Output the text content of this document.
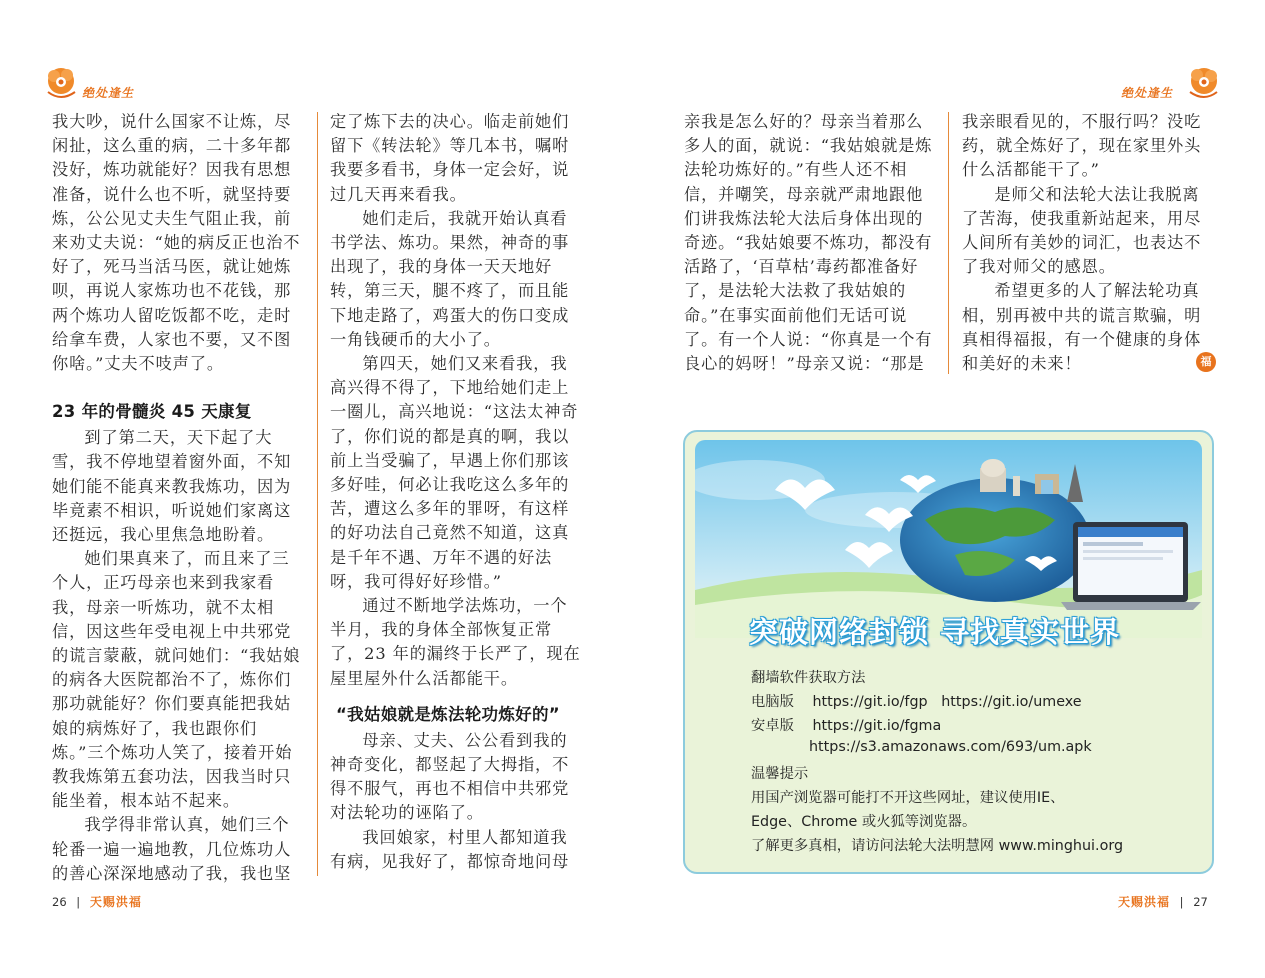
绝处逢生	绝处逢生

我大吵，说什么国家不让炼，尽闲扯，这么重的病，二十多年都没好，炼功就能好？因我有思想准备，说什么也不听，就坚持要炼，公公见丈夫生气阻止我，前来劝丈夫说：“她的病反正也治不好了，死马当活马医，就让她炼呗，再说人家炼功也不花钱，那两个炼功人留吃饭都不吃，走时给拿车费，人家也不要，又不图你啥。”丈夫不吱声了。

23 年的骨髓炎 45 天康复

到了第二天，天下起了大雪，我不停地望着窗外面，不知她们能不能真来教我炼功，因为毕竟素不相识，听说她们家离这还挺远，我心里焦急地盼着。

她们果真来了，而且来了三个人，正巧母亲也来到我家看我，母亲一听炼功，就不太相信，因这些年受电视上中共邪党的谎言蒙蔽，就问她们：“我姑娘的病各大医院都治不了，炼你们那功就能好？你们要真能把我姑娘的病炼好了，我也跟你们炼。”三个炼功人笑了，接着开始教我炼第五套功法，因我当时只能坐着，根本站不起来。

我学得非常认真，她们三个轮番一遍一遍地教，几位炼功人的善心深深地感动了我，我也坚

定了炼下去的决心。临走前她们留下《转法轮》等几本书，嘱咐我要多看书，身体一定会好，说过几天再来看我。

她们走后，我就开始认真看书学法、炼功。果然，神奇的事出现了，我的身体一天天地好转，第三天，腿不疼了，而且能下地走路了，鸡蛋大的伤口变成一角钱硬币的大小了。

第四天，她们又来看我，我高兴得不得了，下地给她们走上一圈儿，高兴地说：“这法太神奇了，你们说的都是真的啊，我以前上当受骗了，早遇上你们那该多好哇，何必让我吃这么多年的苦，遭这么多年的罪呀，有这样的好功法自己竟然不知道，这真是千年不遇、万年不遇的好法呀，我可得好好珍惜。”

通过不断地学法炼功，一个半月，我的身体全部恢复正常了，23 年的漏终于长严了，现在屋里屋外什么活都能干。

“我姑娘就是炼法轮功炼好的”

母亲、丈夫、公公看到我的神奇变化，都竖起了大拇指，不得不服气，再也不相信中共邪党对法轮功的诬陷了。

我回娘家，村里人都知道我有病，见我好了，都惊奇地问母

亲我是怎么好的？母亲当着那么多人的面，就说：“我姑娘就是炼法轮功炼好的。”有些人还不相信，并嘲笑，母亲就严肃地跟他们讲我炼法轮大法后身体出现的奇迹。“我姑娘要不炼功，都没有活路了，‘百草枯’毒药都准备好了，是法轮大法救了我姑娘的命。”在事实面前他们无话可说了。有一个人说：“你真是一个有良心的妈呀！”母亲又说：“那是

我亲眼看见的，不服行吗？没吃药，就全炼好了，现在家里外头什么活都能干了。”

是师父和法轮大法让我脱离了苦海，使我重新站起来，用尽人间所有美妙的词汇，也表达不了我对师父的感恩。

希望更多的人了解法轮功真相，别再被中共的谎言欺骗，明真相得福报，有一个健康的身体和美好的未来！	福
突破网络封锁 寻找真实世界
翻墙软件获取方法
电脑版 https://git.io/fgp   https://git.io/umexe
安卓版 https://git.io/fgma
https://s3.amazonaws.com/693/um.apk
温馨提示
用国产浏览器可能打不开这些网址，建议使用IE、
Edge、Chrome 或火狐等浏览器。
了解更多真相，请访问法轮大法明慧网 www.minghui.org
26 | 天赐洪福	天赐洪福 | 27
